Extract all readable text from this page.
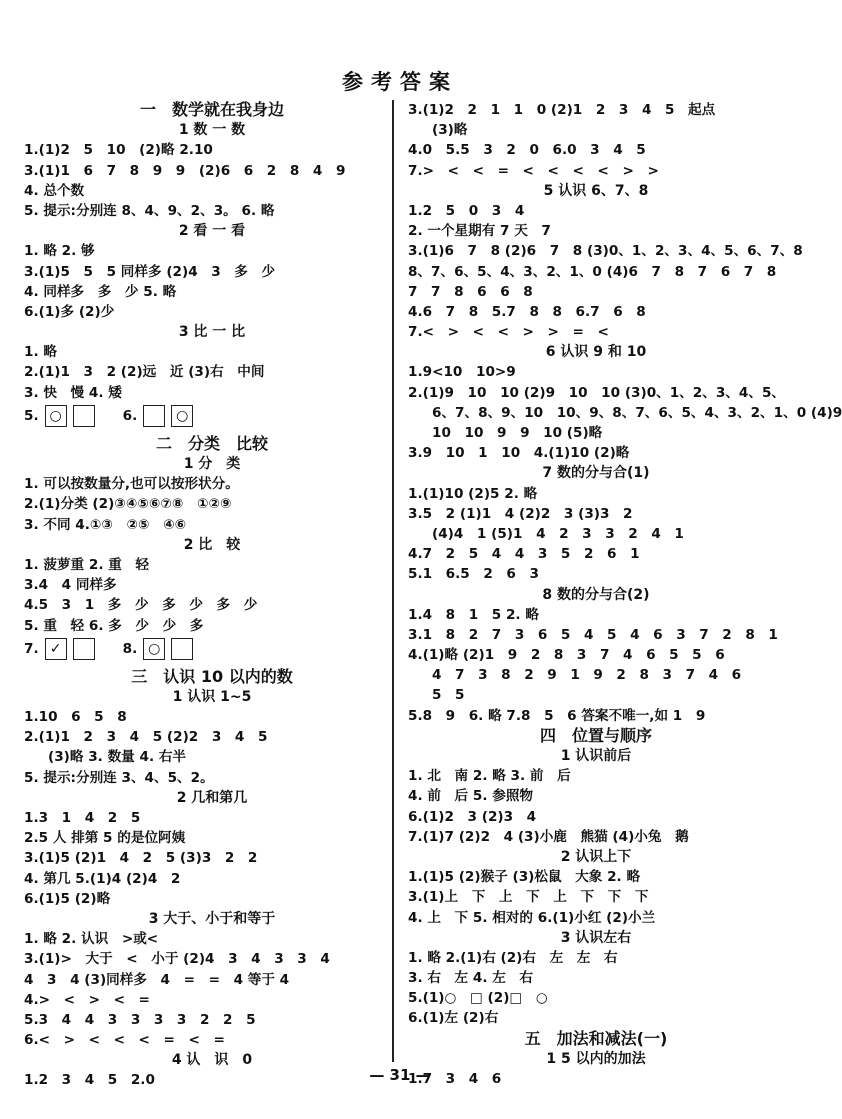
参考答案
一　数学就在我身边
1 数 一 数
1.(1)2　5　10　(2)略 2.10
3.(1)1　6　7　8　9　9　(2)6　6　2　8　4　9
4. 总个数
5. 提示:分别连 8、4、9、2、3。 6. 略
2 看 一 看
1. 略 2. 够
3.(1)5　5　5 同样多 (2)4　3　多　少
4. 同样多　多　少 5. 略
6.(1)多 (2)少
3 比 一 比
1. 略
2.(1)1　3　2 (2)远　近 (3)右　中间
3. 快　慢 4. 矮
5. ○	6.	○
二　分类　比较
1 分　类
1. 可以按数量分,也可以按形状分。
2.(1)分类 (2)③④⑤⑥⑦⑧　①②⑨
3. 不同 4.①③　②⑤　④⑥
2 比　较
1. 菠萝重 2. 重　轻
3.4　4 同样多
4.5　3　1　多　少　多　少　多　少
5. 重　轻 6. 多　少　少　多
7. ✓	8. ○
三　认识 10 以内的数
1 认识 1~5
1.10　6　5　8
2.(1)1　2　3　4　5 (2)2　3　4　5
(3)略 3. 数量 4. 右半
5. 提示:分别连 3、4、5、2。
2 几和第几
1.3　1　4　2　5
2.5 人 排第 5 的是位阿姨
3.(1)5 (2)1　4　2　5 (3)3　2　2
4. 第几 5.(1)4 (2)4　2
6.(1)5 (2)略
3 大于、小于和等于
1. 略 2. 认识　>或<
3.(1)>　大于　<　小于 (2)4　3　4　3　3　4
4　3　4 (3)同样多　4　=　=　4 等于 4
4.>　<　>　<　=
5.3　4　4　3　3　3　3　2　2　5
6.<　>　<　<　<　=　<　=
4 认　识　0
1.2　3　4　5　2.0
3.(1)2　2　1　1　0 (2)1　2　3　4　5　起点
(3)略
4.0　5.5　3　2　0　6.0　3　4　5
7.>　<　<　=　<　<　<　<　>　>
5 认识 6、7、8
1.2　5　0　3　4
2. 一个星期有 7 天　7
3.(1)6　7　8 (2)6　7　8 (3)0、1、2、3、4、5、6、7、8
8、7、6、5、4、3、2、1、0 (4)6　7　8　7　6　7　8
7　7　8　6　6　8
4.6　7　8　5.7　8　8　6.7　6　8
7.<　>　<　<　>　>　=　<
6 认识 9 和 10
1.9<10　10>9
2.(1)9　10　10 (2)9　10　10 (3)0、1、2、3、4、5、
6、7、8、9、10　10、9、8、7、6、5、4、3、2、1、0 (4)9
10　10　9　9　10 (5)略
3.9　10　1　10　4.(1)10 (2)略
7 数的分与合(1)
1.(1)10 (2)5 2. 略
3.5　2 (1)1　4 (2)2　3 (3)3　2
(4)4　1 (5)1　4　2　3　3　2　4　1
4.7　2　5　4　4　3　5　2　6　1
5.1　6.5　2　6　3
8 数的分与合(2)
1.4　8　1　5 2. 略
3.1　8　2　7　3　6　5　4　5　4　6　3　7　2　8　1
4.(1)略 (2)1　9　2　8　3　7　4　6　5　5　6
4　7　3　8　2　9　1　9　2　8　3　7　4　6
5　5
5.8　9　6. 略 7.8　5　6 答案不唯一,如 1　9
四　位置与顺序
1 认识前后
1. 北　南 2. 略 3. 前　后
4. 前　后 5. 参照物
6.(1)2　3 (2)3　4
7.(1)7 (2)2　4 (3)小鹿　熊猫 (4)小兔　鹅
2 认识上下
1.(1)5 (2)猴子 (3)松鼠　大象 2. 略
3.(1)上　下　上　下　上　下　下　下
4. 上　下 5. 相对的 6.(1)小红 (2)小兰
3 认识左右
1. 略 2.(1)右 (2)右　左　左　右
3. 右　左 4. 左　右
5.(1)○　□ (2)□　○
6.(1)左 (2)右
五　加法和减法(一)
1 5 以内的加法
1.7　3　4　6
— 31 —
